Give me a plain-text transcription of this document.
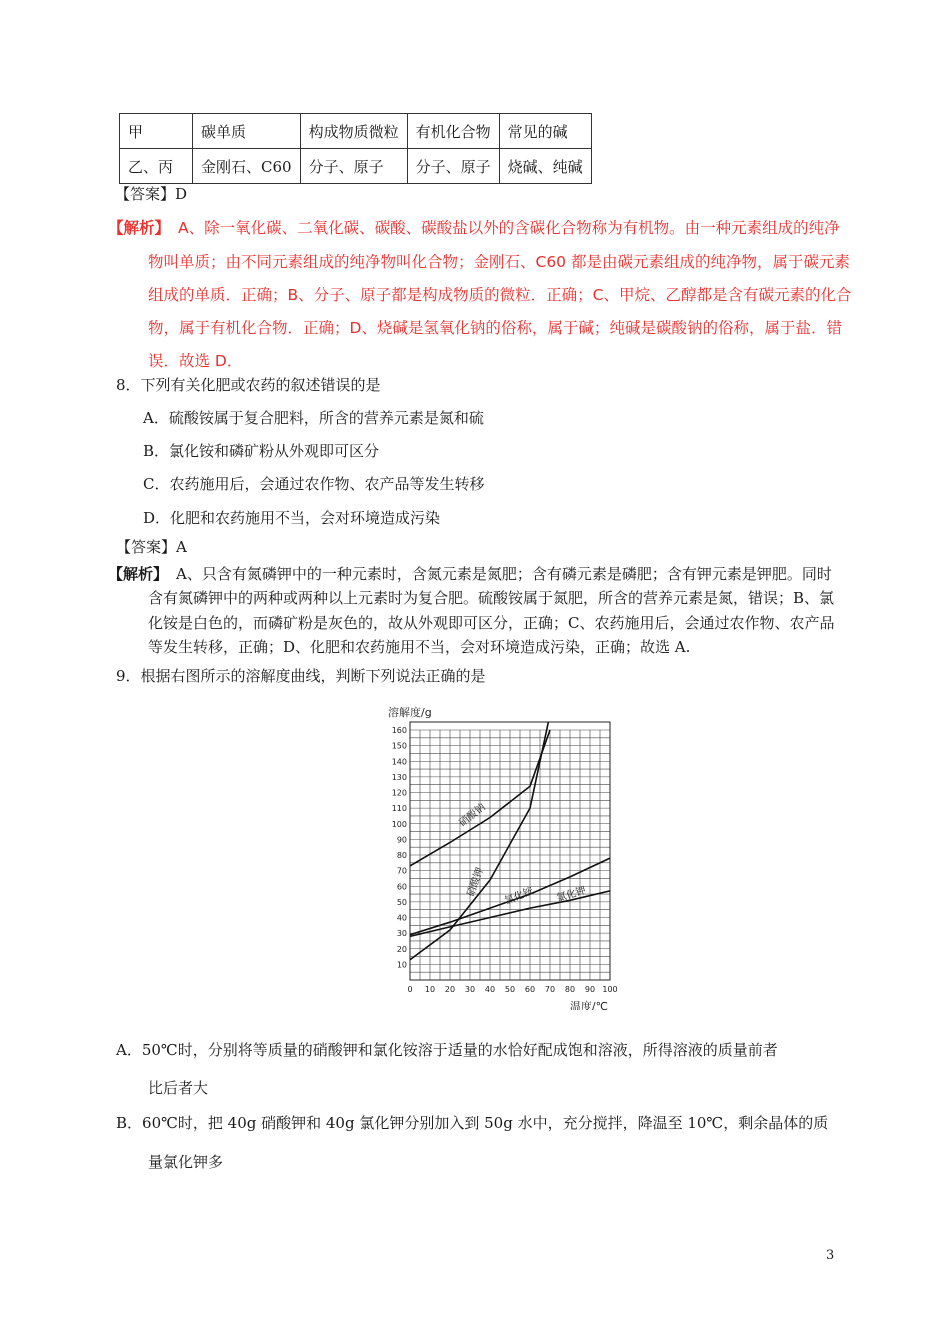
甲	碳单质	构成物质微粒	有机化合物	常见的碱
乙、丙	金刚石、C60	分子、原子	分子、原子	烧碱、纯碱
【答案】D
【解析】 A、除一氧化碳、二氧化碳、碳酸、碳酸盐以外的含碳化合物称为有机物。由一种元素组成的纯净
物叫单质；由不同元素组成的纯净物叫化合物；金刚石、C60 都是由碳元素组成的纯净物，属于碳元素
组成的单质．正确；B、分子、原子都是构成物质的微粒．正确；C、甲烷、乙醇都是含有碳元素的化合
物，属于有机化合物．正确；D、烧碱是氢氧化钠的俗称，属于碱；纯碱是碳酸钠的俗称，属于盐．错
误．故选 D．
8．下列有关化肥或农药的叙述错误的是
A．硫酸铵属于复合肥料，所含的营养元素是氮和硫
B．氯化铵和磷矿粉从外观即可区分
C．农药施用后，会通过农作物、农产品等发生转移
D．化肥和农药施用不当，会对环境造成污染
【答案】A
【解析】 A、只含有氮磷钾中的一种元素时，含氮元素是氮肥；含有磷元素是磷肥；含有钾元素是钾肥。同时
含有氮磷钾中的两种或两种以上元素时为复合肥。硫酸铵属于氮肥，所含的营养元素是氮，错误；B、氯
化铵是白色的，而磷矿粉是灰色的，故从外观即可区分，正确；C、农药施用后，会通过农作物、农产品
等发生转移，正确；D、化肥和农药施用不当，会对环境造成污染，正确；故选 A.
9．根据右图所示的溶解度曲线，判断下列说法正确的是
0 10 20 30 40 50 60 70 80 90 100
10
20
30
40
50
60
70
80
90
100
110
120
130
140
150
160
溶解度/g
温度/℃
硝酸钠
硝酸钾 氯化铵 氯化钾
A．50℃时，分别将等质量的硝酸钾和氯化铵溶于适量的水恰好配成饱和溶液，所得溶液的质量前者
比后者大
B．60℃时，把 40g 硝酸钾和 40g 氯化钾分别加入到 50g 水中，充分搅拌，降温至 10℃，剩余晶体的质
量氯化钾多
3
